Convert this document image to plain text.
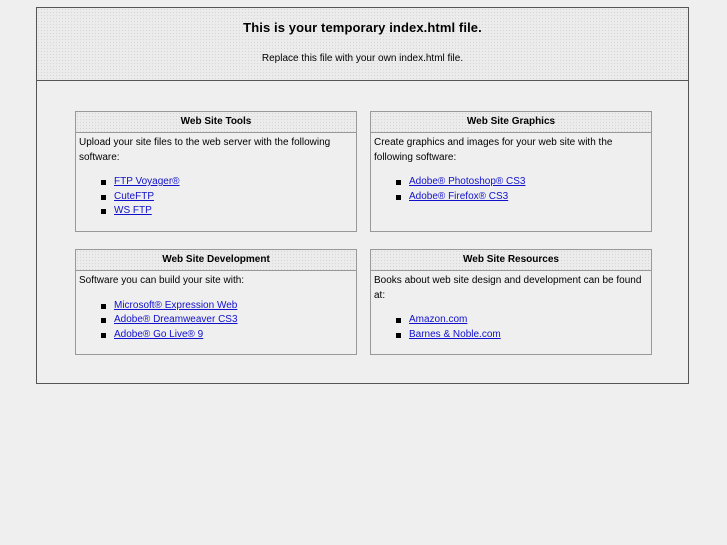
This is your temporary index.html file.
Replace this file with your own index.html file.
Web Site Tools

Upload your site files to the web server with the following software:

FTP Voyager®
CuteFTP
WS FTP
Web Site Graphics

Create graphics and images for your web site with the following software:

Adobe® Photoshop® CS3
Adobe® Firefox® CS3
Web Site Development

Software you can build your site with:

Microsoft® Expression Web
Adobe® Dreamweaver CS3
Adobe® Go Live® 9
Web Site Resources

Books about web site design and development can be found at:

Amazon.com
Barnes & Noble.com
